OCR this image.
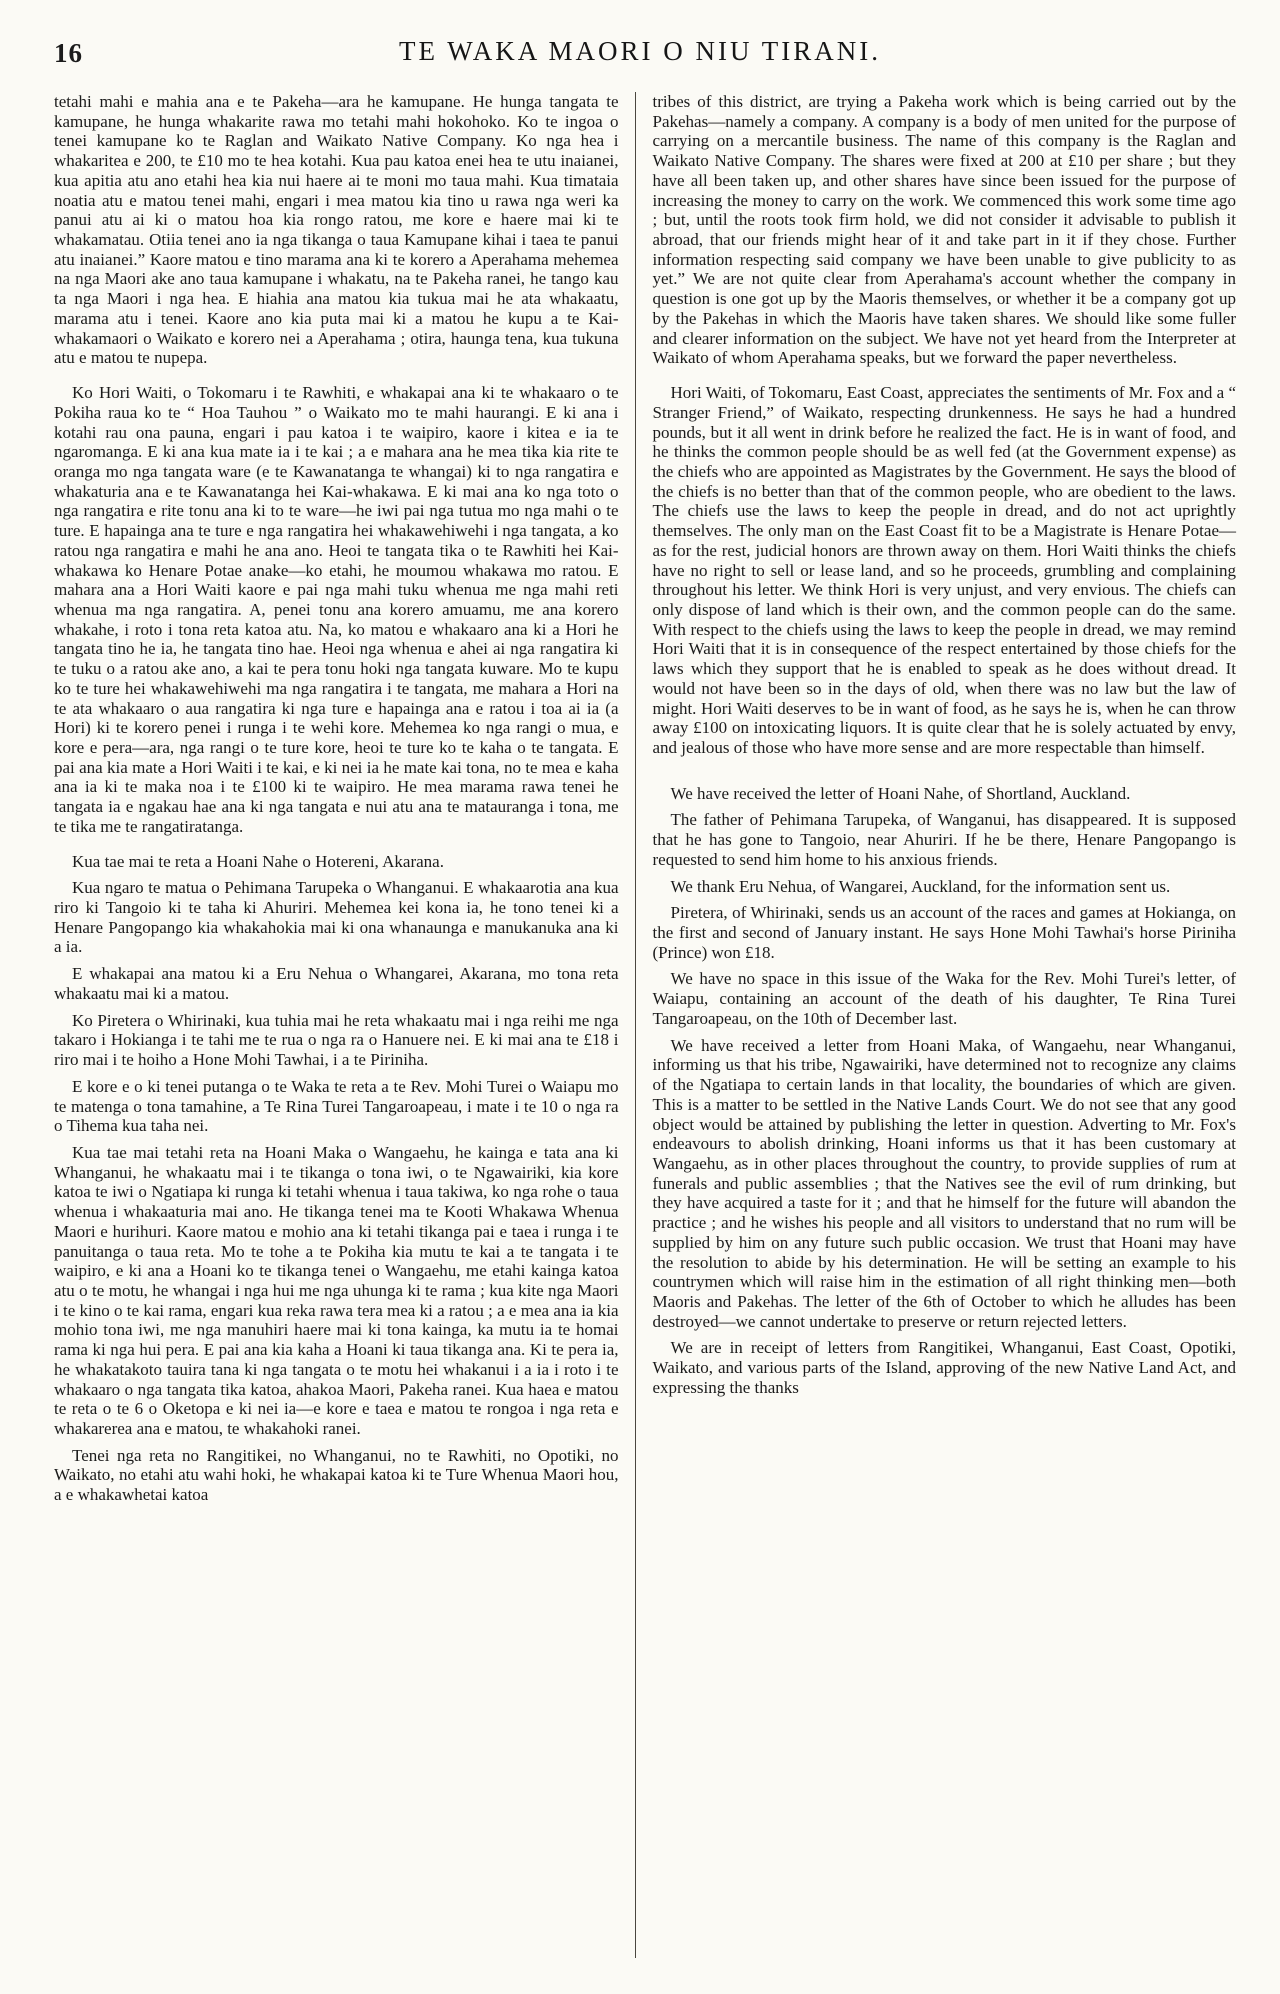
16	TE WAKA MAORI O NIU TIRANI.

tetahi mahi e mahia ana e te Pakeha—ara he kamupane. He hunga tangata te kamupane, he hunga whakarite rawa mo tetahi mahi hokohoko. Ko te ingoa o tenei kamupane ko te Raglan and Waikato Native Company. Ko nga hea i whakaritea e 200, te £10 mo te hea kotahi. Kua pau katoa enei hea te utu inaianei, kua apitia atu ano etahi hea kia nui haere ai te moni mo taua mahi. Kua timataia noatia atu e matou tenei mahi, engari i mea matou kia tino u rawa nga weri ka panui atu ai ki o matou hoa kia rongo ratou, me kore e haere mai ki te whakamatau. Otiia tenei ano ia nga tikanga o taua Kamupane kihai i taea te panui atu inaianei.” Kaore matou e tino marama ana ki te korero a Aperahama mehemea na nga Maori ake ano taua kamupane i whakatu, na te Pakeha ranei, he tango kau ta nga Maori i nga hea. E hiahia ana matou kia tukua mai he ata whakaatu, marama atu i tenei. Kaore ano kia puta mai ki a matou he kupu a te Kai-whakamaori o Waikato e korero nei a Aperahama ; otira, haunga tena, kua tukuna atu e matou te nupepa.

Ko Hori Waiti, o Tokomaru i te Rawhiti, e whakapai ana ki te whakaaro o te Pokiha raua ko te “ Hoa Tauhou ” o Waikato mo te mahi haurangi. E ki ana i kotahi rau ona pauna, engari i pau katoa i te waipiro, kaore i kitea e ia te ngaromanga. E ki ana kua mate ia i te kai ; a e mahara ana he mea tika kia rite te oranga mo nga tangata ware (e te Kawanatanga te whangai) ki to nga rangatira e whakaturia ana e te Kawanatanga hei Kai-whakawa. E ki mai ana ko nga toto o nga rangatira e rite tonu ana ki to te ware—he iwi pai nga tutua mo nga mahi o te ture. E hapainga ana te ture e nga rangatira hei whakawehiwehi i nga tangata, a ko ratou nga rangatira e mahi he ana ano. Heoi te tangata tika o te Rawhiti hei Kai-whakawa ko Henare Potae anake—ko etahi, he moumou whakawa mo ratou. E mahara ana a Hori Waiti kaore e pai nga mahi tuku whenua me nga mahi reti whenua ma nga rangatira. A, penei tonu ana korero amuamu, me ana korero whakahe, i roto i tona reta katoa atu. Na, ko matou e whakaaro ana ki a Hori he tangata tino he ia, he tangata tino hae. Heoi nga whenua e ahei ai nga rangatira ki te tuku o a ratou ake ano, a kai te pera tonu hoki nga tangata kuware. Mo te kupu ko te ture hei whakawehiwehi ma nga rangatira i te tangata, me mahara a Hori na te ata whakaaro o aua rangatira ki nga ture e hapainga ana e ratou i toa ai ia (a Hori) ki te korero penei i runga i te wehi kore. Mehemea ko nga rangi o mua, e kore e pera—ara, nga rangi o te ture kore, heoi te ture ko te kaha o te tangata. E pai ana kia mate a Hori Waiti i te kai, e ki nei ia he mate kai tona, no te mea e kaha ana ia ki te maka noa i te £100 ki te waipiro. He mea marama rawa tenei he tangata ia e ngakau hae ana ki nga tangata e nui atu ana te matauranga i tona, me te tika me te rangatiratanga.

Kua tae mai te reta a Hoani Nahe o Hotereni, Akarana.

Kua ngaro te matua o Pehimana Tarupeka o Whanganui. E whakaarotia ana kua riro ki Tangoio ki te taha ki Ahuriri. Mehemea kei kona ia, he tono tenei ki a Henare Pangopango kia whakahokia mai ki ona whanaunga e manukanuka ana ki a ia.

E whakapai ana matou ki a Eru Nehua o Whangarei, Akarana, mo tona reta whakaatu mai ki a matou.

Ko Piretera o Whirinaki, kua tuhia mai he reta whakaatu mai i nga reihi me nga takaro i Hokianga i te tahi me te rua o nga ra o Hanuere nei. E ki mai ana te £18 i riro mai i te hoiho a Hone Mohi Tawhai, i a te Piriniha.

E kore e o ki tenei putanga o te Waka te reta a te Rev. Mohi Turei o Waiapu mo te matenga o tona tamahine, a Te Rina Turei Tangaroapeau, i mate i te 10 o nga ra o Tihema kua taha nei.

Kua tae mai tetahi reta na Hoani Maka o Wangaehu, he kainga e tata ana ki Whanganui, he whakaatu mai i te tikanga o tona iwi, o te Ngawairiki, kia kore katoa te iwi o Ngatiapa ki runga ki tetahi whenua i taua takiwa, ko nga rohe o taua whenua i whakaaturia mai ano. He tikanga tenei ma te Kooti Whakawa Whenua Maori e hurihuri. Kaore matou e mohio ana ki tetahi tikanga pai e taea i runga i te panuitanga o taua reta. Mo te tohe a te Pokiha kia mutu te kai a te tangata i te waipiro, e ki ana a Hoani ko te tikanga tenei o Wangaehu, me etahi kainga katoa atu o te motu, he whangai i nga hui me nga uhunga ki te rama ; kua kite nga Maori i te kino o te kai rama, engari kua reka rawa tera mea ki a ratou ; a e mea ana ia kia mohio tona iwi, me nga manuhiri haere mai ki tona kainga, ka mutu ia te homai rama ki nga hui pera. E pai ana kia kaha a Hoani ki taua tikanga ana. Ki te pera ia, he whakatakoto tauira tana ki nga tangata o te motu hei whakanui i a ia i roto i te whakaaro o nga tangata tika katoa, ahakoa Maori, Pakeha ranei. Kua haea e matou te reta o te 6 o Oketopa e ki nei ia—e kore e taea e matou te rongoa i nga reta e whakarerea ana e matou, te whakahoki ranei.

Tenei nga reta no Rangitikei, no Whanganui, no te Rawhiti, no Opotiki, no Waikato, no etahi atu wahi hoki, he whakapai katoa ki te Ture Whenua Maori hou, a e whakawhetai katoa

tribes of this district, are trying a Pakeha work which is being carried out by the Pakehas—namely a company. A company is a body of men united for the purpose of carrying on a mercantile business. The name of this company is the Raglan and Waikato Native Company. The shares were fixed at 200 at £10 per share ; but they have all been taken up, and other shares have since been issued for the purpose of increasing the money to carry on the work. We commenced this work some time ago ; but, until the roots took firm hold, we did not consider it advisable to publish it abroad, that our friends might hear of it and take part in it if they chose. Further information respecting said company we have been unable to give publicity to as yet.” We are not quite clear from Aperahama's account whether the company in question is one got up by the Maoris themselves, or whether it be a company got up by the Pakehas in which the Maoris have taken shares. We should like some fuller and clearer information on the subject. We have not yet heard from the Interpreter at Waikato of whom Aperahama speaks, but we forward the paper nevertheless.

Hori Waiti, of Tokomaru, East Coast, appreciates the sentiments of Mr. Fox and a “ Stranger Friend,” of Waikato, respecting drunkenness. He says he had a hundred pounds, but it all went in drink before he realized the fact. He is in want of food, and he thinks the common people should be as well fed (at the Government expense) as the chiefs who are appointed as Magistrates by the Government. He says the blood of the chiefs is no better than that of the common people, who are obedient to the laws. The chiefs use the laws to keep the people in dread, and do not act uprightly themselves. The only man on the East Coast fit to be a Magistrate is Henare Potae—as for the rest, judicial honors are thrown away on them. Hori Waiti thinks the chiefs have no right to sell or lease land, and so he proceeds, grumbling and complaining throughout his letter. We think Hori is very unjust, and very envious. The chiefs can only dispose of land which is their own, and the common people can do the same. With respect to the chiefs using the laws to keep the people in dread, we may remind Hori Waiti that it is in consequence of the respect entertained by those chiefs for the laws which they support that he is enabled to speak as he does without dread. It would not have been so in the days of old, when there was no law but the law of might. Hori Waiti deserves to be in want of food, as he says he is, when he can throw away £100 on intoxicating liquors. It is quite clear that he is solely actuated by envy, and jealous of those who have more sense and are more respectable than himself.

We have received the letter of Hoani Nahe, of Shortland, Auckland.

The father of Pehimana Tarupeka, of Wanganui, has disappeared. It is supposed that he has gone to Tangoio, near Ahuriri. If he be there, Henare Pangopango is requested to send him home to his anxious friends.

We thank Eru Nehua, of Wangarei, Auckland, for the information sent us.

Piretera, of Whirinaki, sends us an account of the races and games at Hokianga, on the first and second of January instant. He says Hone Mohi Tawhai's horse Piriniha (Prince) won £18.

We have no space in this issue of the Waka for the Rev. Mohi Turei's letter, of Waiapu, containing an account of the death of his daughter, Te Rina Turei Tangaroapeau, on the 10th of December last.

We have received a letter from Hoani Maka, of Wangaehu, near Whanganui, informing us that his tribe, Ngawairiki, have determined not to recognize any claims of the Ngatiapa to certain lands in that locality, the boundaries of which are given. This is a matter to be settled in the Native Lands Court. We do not see that any good object would be attained by publishing the letter in question. Adverting to Mr. Fox's endeavours to abolish drinking, Hoani informs us that it has been customary at Wangaehu, as in other places throughout the country, to provide supplies of rum at funerals and public assemblies ; that the Natives see the evil of rum drinking, but they have acquired a taste for it ; and that he himself for the future will abandon the practice ; and he wishes his people and all visitors to understand that no rum will be supplied by him on any future such public occasion. We trust that Hoani may have the resolution to abide by his determination. He will be setting an example to his countrymen which will raise him in the estimation of all right thinking men—both Maoris and Pakehas. The letter of the 6th of October to which he alludes has been destroyed—we cannot undertake to preserve or return rejected letters.

We are in receipt of letters from Rangitikei, Whanganui, East Coast, Opotiki, Waikato, and various parts of the Island, approving of the new Native Land Act, and expressing the thanks
